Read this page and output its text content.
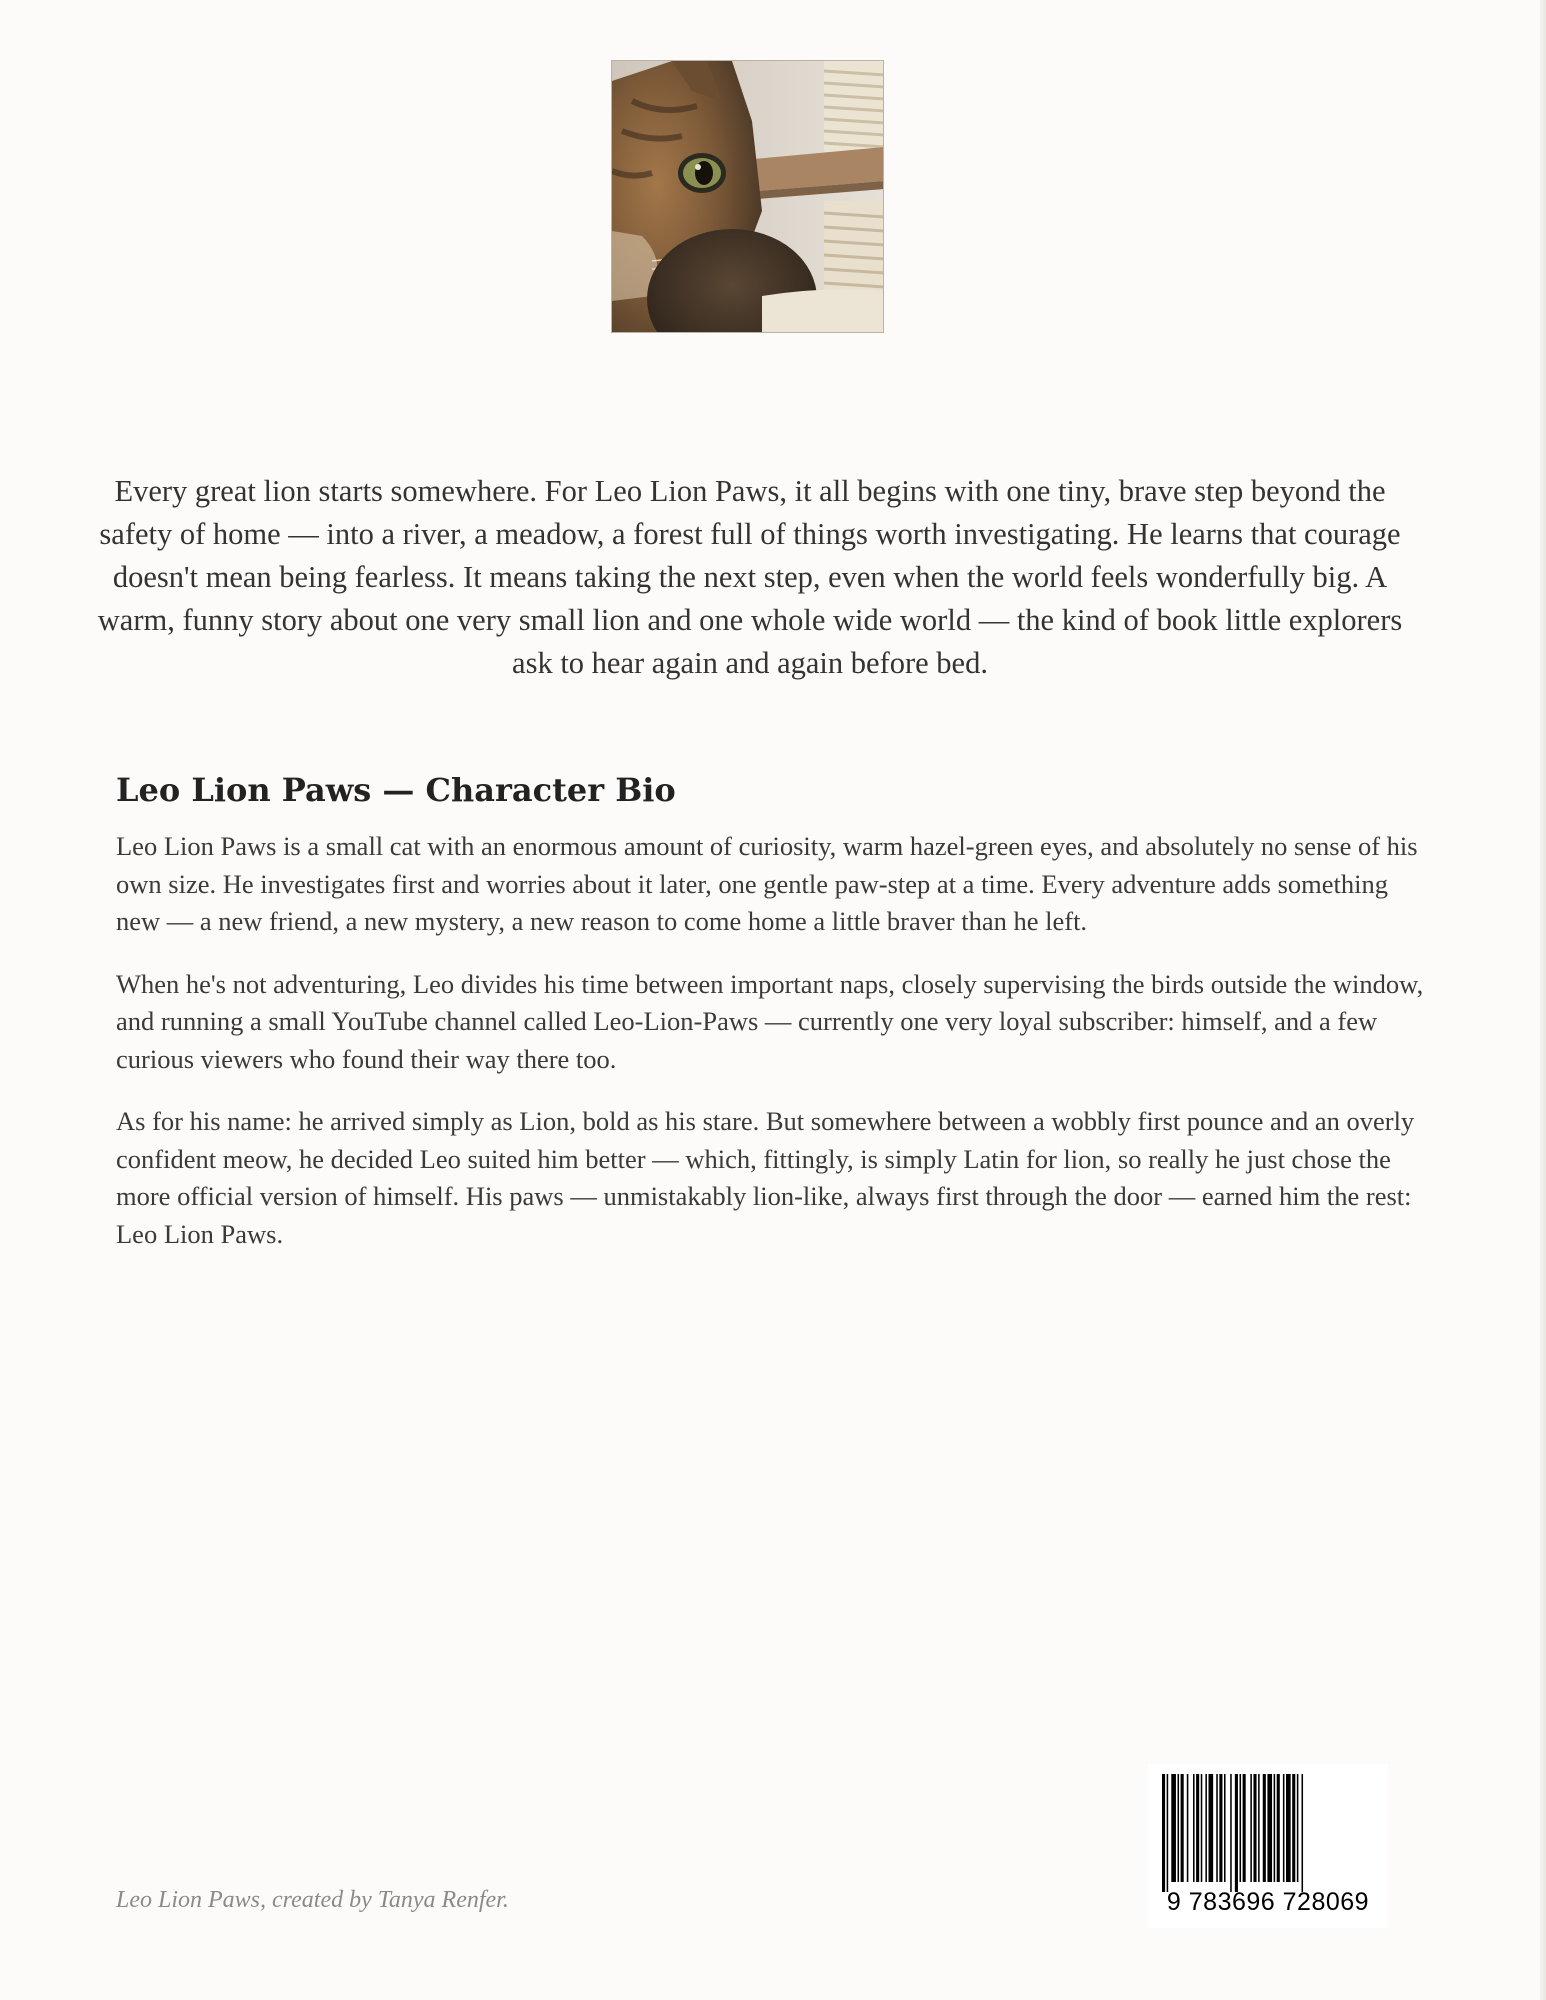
Every great lion starts somewhere. For Leo Lion Paws, it all begins with one tiny, brave step beyond the safety of home — into a river, a meadow, a forest full of things worth investigating. He learns that courage doesn't mean being fearless. It means taking the next step, even when the world feels wonderfully big. A warm, funny story about one very small lion and one whole wide world — the kind of book little explorers ask to hear again and again before bed.

Leo Lion Paws — Character Bio

Leo Lion Paws is a small cat with an enormous amount of curiosity, warm hazel-green eyes, and absolutely no sense of his own size. He investigates first and worries about it later, one gentle paw-step at a time. Every adventure adds something new — a new friend, a new mystery, a new reason to come home a little braver than he left.

When he's not adventuring, Leo divides his time between important naps, closely supervising the birds outside the window, and running a small YouTube channel called Leo-Lion-Paws — currently one very loyal subscriber: himself, and a few curious viewers who found their way there too.

As for his name: he arrived simply as Lion, bold as his stare. But somewhere between a wobbly first pounce and an overly confident meow, he decided Leo suited him better — which, fittingly, is simply Latin for lion, so really he just chose the more official version of himself. His paws — unmistakably lion-like, always first through the door — earned him the rest: Leo Lion Paws.

Leo Lion Paws, created by Tanya Renfer.	9 783696 728069
